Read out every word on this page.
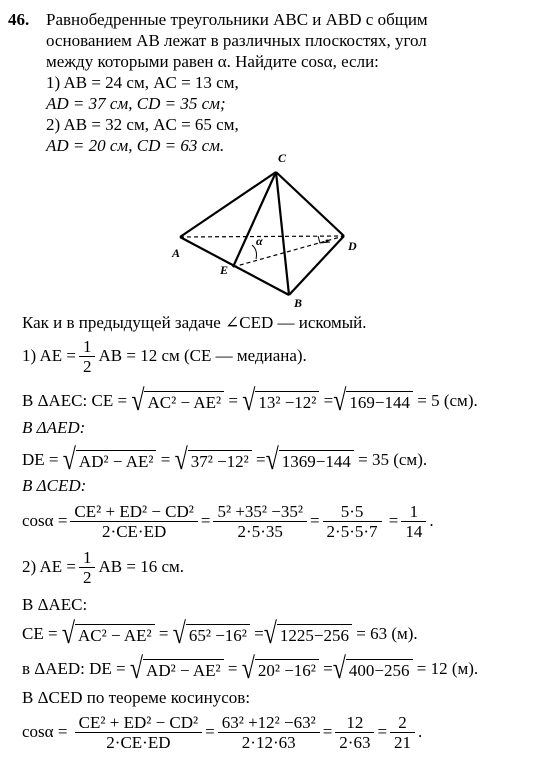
46. Равнобедренные треугольники ABC и ABD с общим
основанием AB лежат в различных плоскостях, угол
между которыми равен α. Найдите cosα, если:
1) AB = 24 см, AC = 13 см,
AD = 37 см, CD = 35 см;
2) AB = 32 см, AC = 65 см,
AD = 20 см, CD = 63 см.
C
A	D
E
B
α
Как и в предыдущей задаче ∠CED — искомый.
1) AE = $\frac{1}{2}$ AB = 12 см (CE — медиана).
В ΔAEC: CE =
√ AC² − AE² = √ 13² −12² = √ 169−144
= 5 (см).
В ΔAED:
DE =
√ AD² − AE² = √ 37² −12² = √ 1369−144
= 35 (см).
В ΔCED:
$\cos\alpha = \frac{\text{CE² + ED² − CD²}}{2\cdot CE\cdot ED} = \frac{\text{5² +35² −35²}}{2\cdot 5\cdot 35} = \frac{5\cdot 5}{2\cdot 5\cdot 5\cdot 7} = \frac{1}{14}$ .
2) AE = $\frac{1}{2}$ AB = 16 см.
В ΔAEC:
CE =
√ AC² − AE² = √ 65² −16² = √ 1225−256
= 63 (м).
в ΔAED: DE =
√ AD² − AE² = √ 20² −16² = √ 400−256
= 12 (м).
В ΔCED по теореме косинусов:
cosα =
$\frac{\text{CE² + ED² − CD²}}{2\cdot CE\cdot ED} = \frac{\text{63² +12² −63²}}{2\cdot 12\cdot 63} = \frac{12}{2\cdot 63} = \frac{2}{21}$ .
